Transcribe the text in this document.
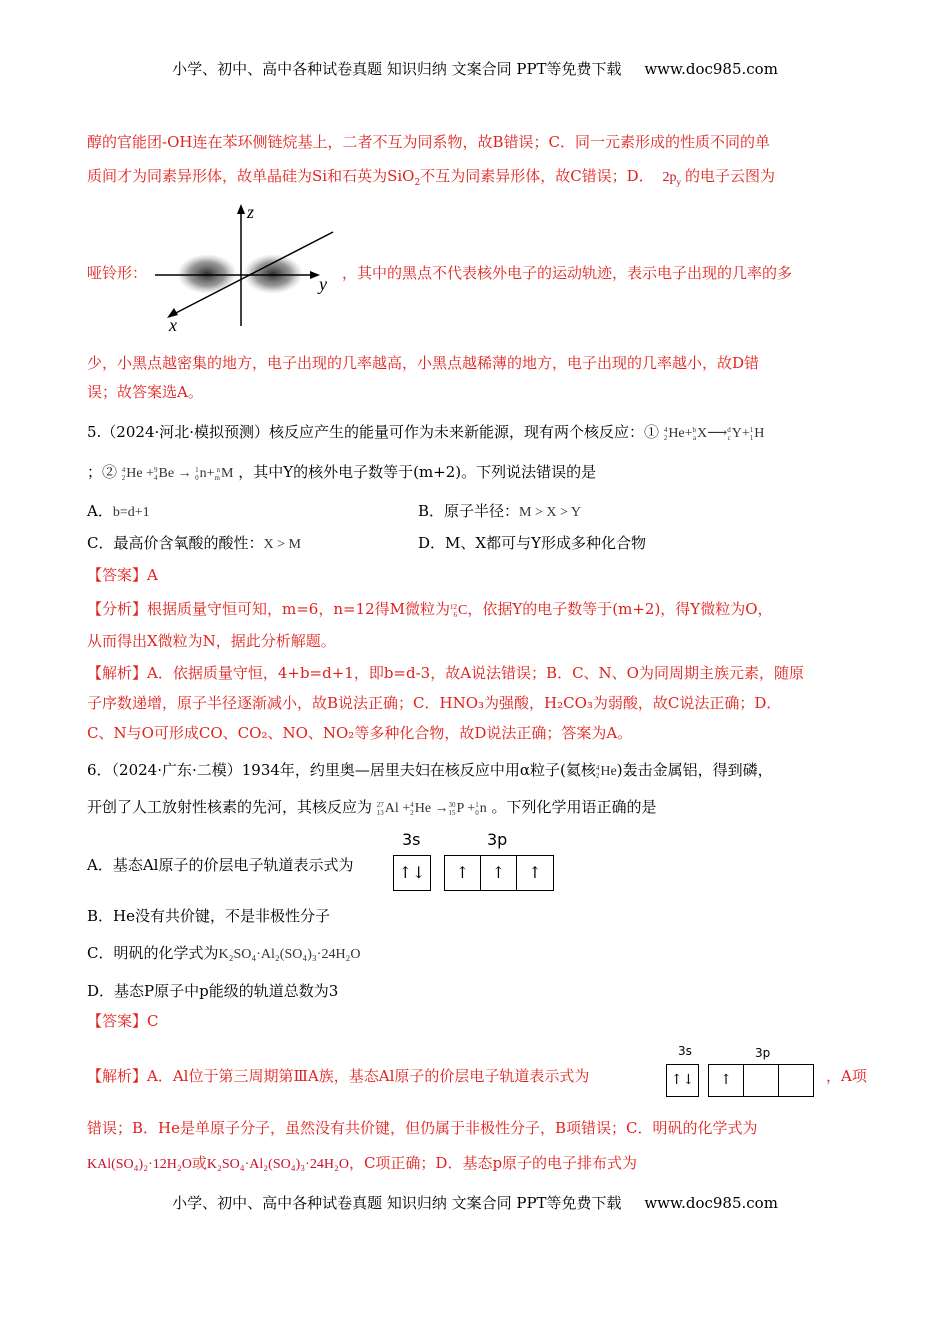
小学、初中、高中各种试卷真题 知识归纳 文案合同 PPT等免费下载 www.doc985.com
醇的官能团-OH连在苯环侧链烷基上，二者不互为同系物，故B错误；C．同一元素形成的性质不同的单
质间才为同素异形体，故单晶硅为Si和石英为SiO$_2$不互为同素异形体，故C错误；D． $2p_y$ 的电子云图为
哑铃形：
z
y
x
，其中的黑点不代表核外电子的运动轨迹，表示电子出现的几率的多
少，小黑点越密集的地方，电子出现的几率越高，小黑点越稀薄的地方，电子出现的几率越小，故D错
误；故答案选A。
5.（2024·河北·模拟预测）核反应产生的能量可作为未来新能源，现有两个核反应：① 4
2He+b
aX⟶d
cY+1
1H
；② 4
2He +9
4Be → 1
0n+ n
mM ，其中Y的核外电子数等于(m+2)。下列说法错误的是
A．b=d+1	B．原子半径：M > X > Y
C．最高价含氧酸的酸性：X > M	D．M、X都可与Y形成多种化合物
【答案】A
【分析】根据质量守恒可知，m=6，n=12得M微粒为12
6C，依据Y的电子数等于(m+2)，得Y微粒为O，
从而得出X微粒为N，据此分析解题。
【解析】A．依据质量守恒，4+b=d+1，即b=d-3，故A说法错误；B．C、N、O为同周期主族元素，随原
子序数递增，原子半径逐渐减小，故B说法正确；C．HNO₃为强酸，H₂CO₃为弱酸，故C说法正确；D．
C、N与O可形成CO、CO₂、NO、NO₂等多种化合物，故D说法正确；答案为A。
6．（2024·广东·二模）1934年，约里奥—居里夫妇在核反应中用α粒子(氦核4
2He)轰击金属铝，得到磷，
开创了人工放射性核素的先河，其核反应为 27
13Al +4
2He →30
15P +1
0n 。下列化学用语正确的是
A．基态Al原子的价层电子轨道表示式为
3s	3p
↑↓	↑	↑	↑
B．He没有共价键，不是非极性分子
C．明矾的化学式为K₂SO₄·Al₂(SO₄)₃·24H₂O
D．基态P原子中p能级的轨道总数为3
【答案】C
【解析】A．Al位于第三周期第ⅢA族，基态Al原子的价层电子轨道表示式为
3s	3p
↑↓	↑	，A项
错误；B．He是单原子分子，虽然没有共价键，但仍属于非极性分子，B项错误；C．明矾的化学式为
KAl(SO₄)₂·12H₂O或K₂SO₄·Al₂(SO₄)₃·24H₂O，C项正确；D．基态p原子的电子排布式为
小学、初中、高中各种试卷真题 知识归纳 文案合同 PPT等免费下载 www.doc985.com
